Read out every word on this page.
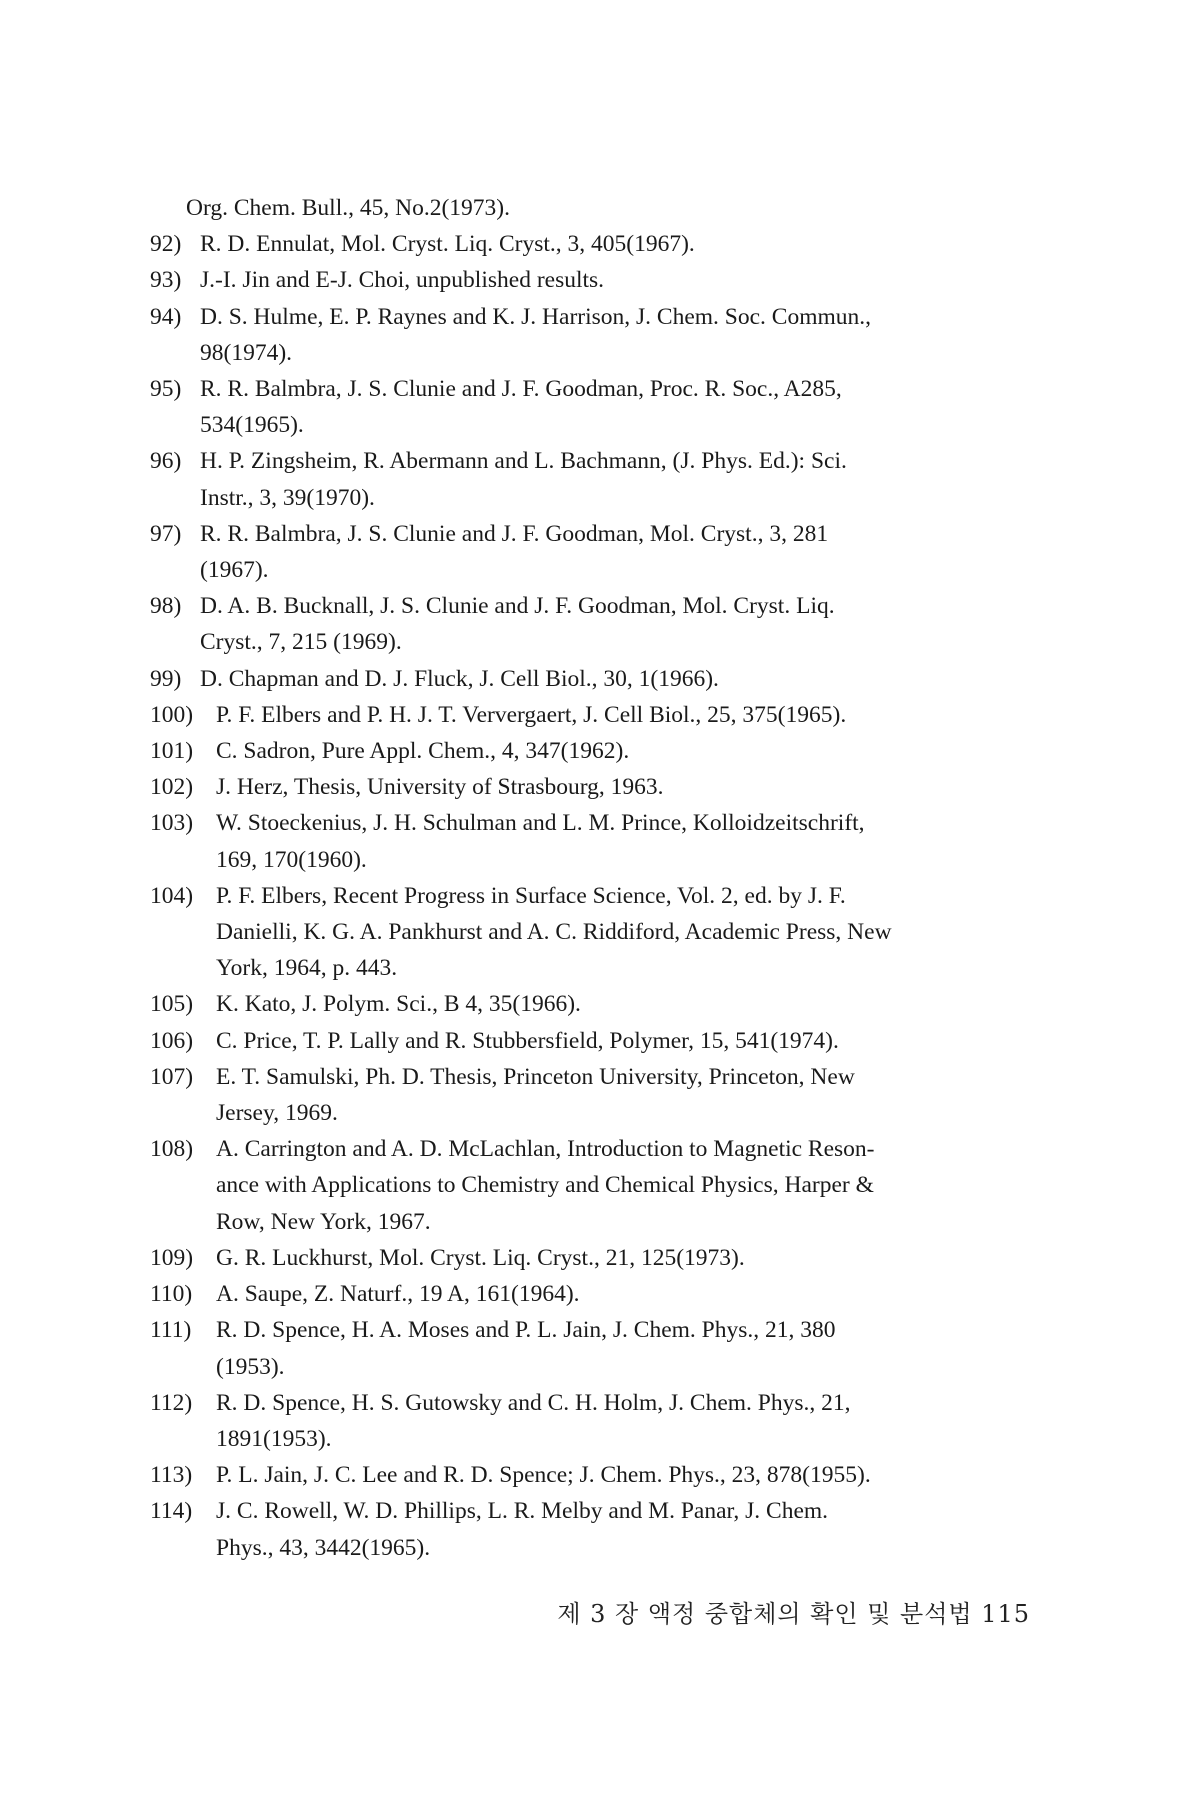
Org. Chem. Bull., 45, No.2(1973).
92) R. D. Ennulat, Mol. Cryst. Liq. Cryst., 3, 405(1967).
93) J.-I. Jin and E-J. Choi, unpublished results.
94) D. S. Hulme, E. P. Raynes and K. J. Harrison, J. Chem. Soc. Commun.,
98(1974).
95) R. R. Balmbra, J. S. Clunie and J. F. Goodman, Proc. R. Soc., A285,
534(1965).
96) H. P. Zingsheim, R. Abermann and L. Bachmann, (J. Phys. Ed.): Sci.
Instr., 3, 39(1970).
97) R. R. Balmbra, J. S. Clunie and J. F. Goodman, Mol. Cryst., 3, 281
(1967).
98) D. A. B. Bucknall, J. S. Clunie and J. F. Goodman, Mol. Cryst. Liq.
Cryst., 7, 215 (1969).
99) D. Chapman and D. J. Fluck, J. Cell Biol., 30, 1(1966).
100) P. F. Elbers and P. H. J. T. Ververgaert, J. Cell Biol., 25, 375(1965).
101) C. Sadron, Pure Appl. Chem., 4, 347(1962).
102) J. Herz, Thesis, University of Strasbourg, 1963.
103) W. Stoeckenius, J. H. Schulman and L. M. Prince, Kolloidzeitschrift,
169, 170(1960).
104) P. F. Elbers, Recent Progress in Surface Science, Vol. 2, ed. by J. F.
Danielli, K. G. A. Pankhurst and A. C. Riddiford, Academic Press, New
York, 1964, p. 443.
105) K. Kato, J. Polym. Sci., B 4, 35(1966).
106) C. Price, T. P. Lally and R. Stubbersfield, Polymer, 15, 541(1974).
107) E. T. Samulski, Ph. D. Thesis, Princeton University, Princeton, New
Jersey, 1969.
108) A. Carrington and A. D. McLachlan, Introduction to Magnetic Reson-
ance with Applications to Chemistry and Chemical Physics, Harper &
Row, New York, 1967.
109) G. R. Luckhurst, Mol. Cryst. Liq. Cryst., 21, 125(1973).
110)	A. Saupe, Z. Naturf., 19 A, 161(1964).
111)	R. D. Spence, H. A. Moses and P. L. Jain, J. Chem. Phys., 21, 380
(1953).
112)	R. D. Spence, H. S. Gutowsky and C. H. Holm, J. Chem. Phys., 21,
1891(1953).
113)	P. L. Jain, J. C. Lee and R. D. Spence; J. Chem. Phys., 23, 878(1955).
114)	J. C. Rowell, W. D. Phillips, L. R. Melby and M. Panar, J. Chem.
Phys., 43, 3442(1965).
제 3 장 액정 중합체의 확인 및 분석법 115
